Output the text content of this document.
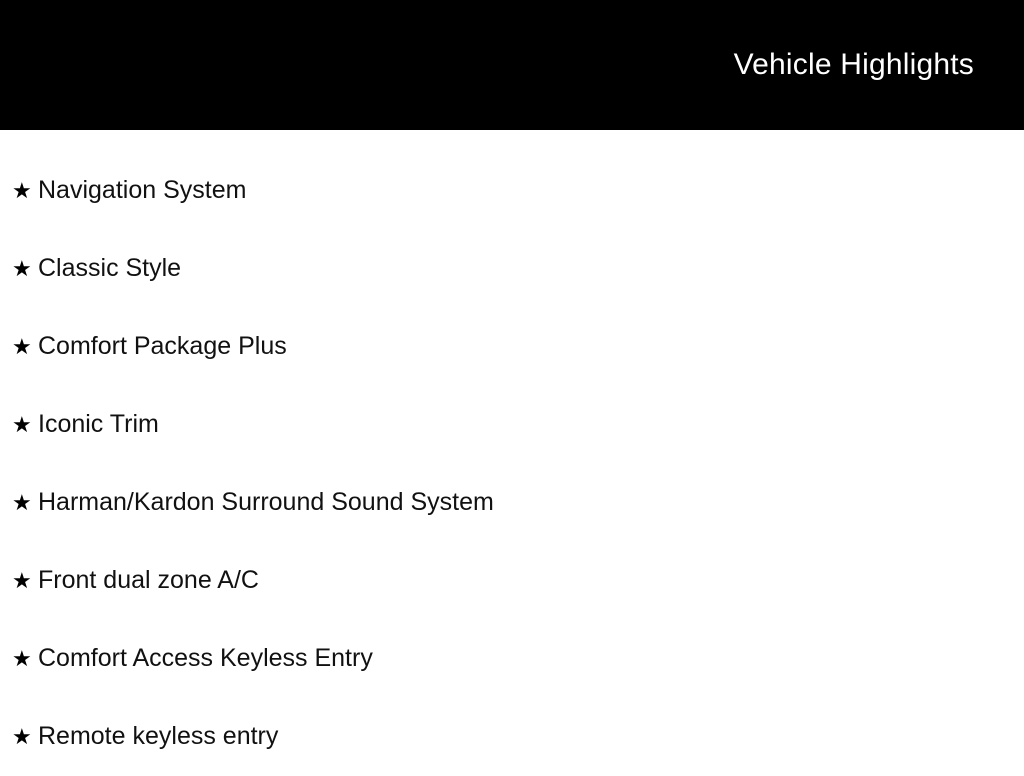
Vehicle Highlights
★ Navigation System
★ Classic Style
★ Comfort Package Plus
★ Iconic Trim
★ Harman/Kardon Surround Sound System
★ Front dual zone A/C
★ Comfort Access Keyless Entry
★ Remote keyless entry
